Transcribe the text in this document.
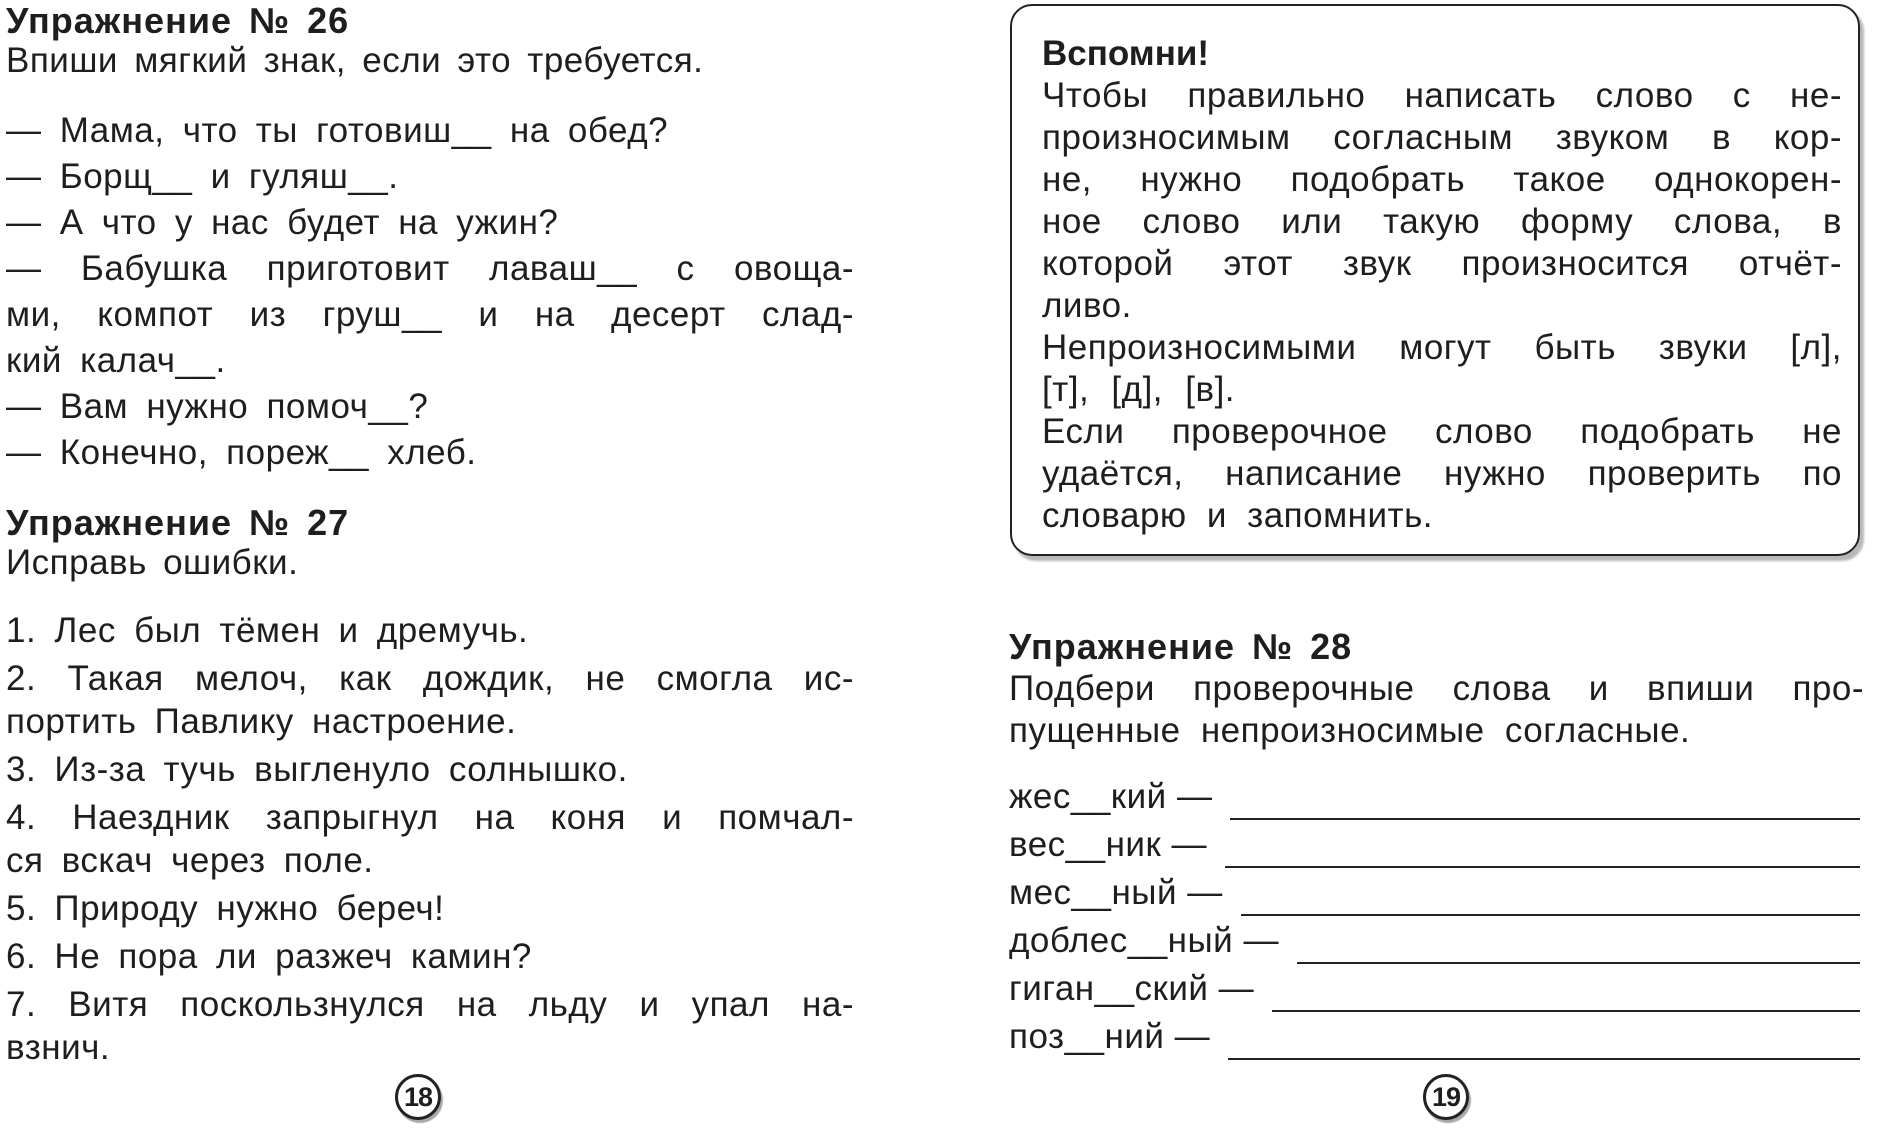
Упражнение № 26
Впиши мягкий знак, если это требуется.
— Мама, что ты готовиш__ на обед?
— Борщ__ и гуляш__.
— А что у нас будет на ужин?
— Бабушка приготовит лаваш__ с овоща-
ми, компот из груш__ и на десерт слад-
кий калач__.
— Вам нужно помоч__?
— Конечно, пореж__ хлеб.
Упражнение № 27
Исправь ошибки.
1. Лес был тёмен и дремучь.
2. Такая мелоч, как дождик, не смогла ис-
портить Павлику настроение.
3. Из-за тучь выгленуло солнышко.
4. Наездник запрыгнул на коня и помчал-
ся вскач через поле.
5. Природу нужно береч!
6. Не пора ли разжеч камин?
7. Витя поскользнулся на льду и упал на-
взнич.
18
Вспомни!
Чтобы правильно написать слово с не-
произносимым согласным звуком в кор-
не, нужно подобрать такое однокорен-
ное слово или такую форму слова, в
которой этот звук произносится отчёт-
ливо.
Непроизносимыми могут быть звуки [л],
[т], [д], [в].
Если проверочное слово подобрать не
удаётся, написание нужно проверить по
словарю и запомнить.
Упражнение № 28
Подбери проверочные слова и впиши про-
пущенные непроизносимые согласные.
жес__кий —
вес__ник —
мес__ный —
доблес__ный —
гиган__ский —
поз__ний —
19
